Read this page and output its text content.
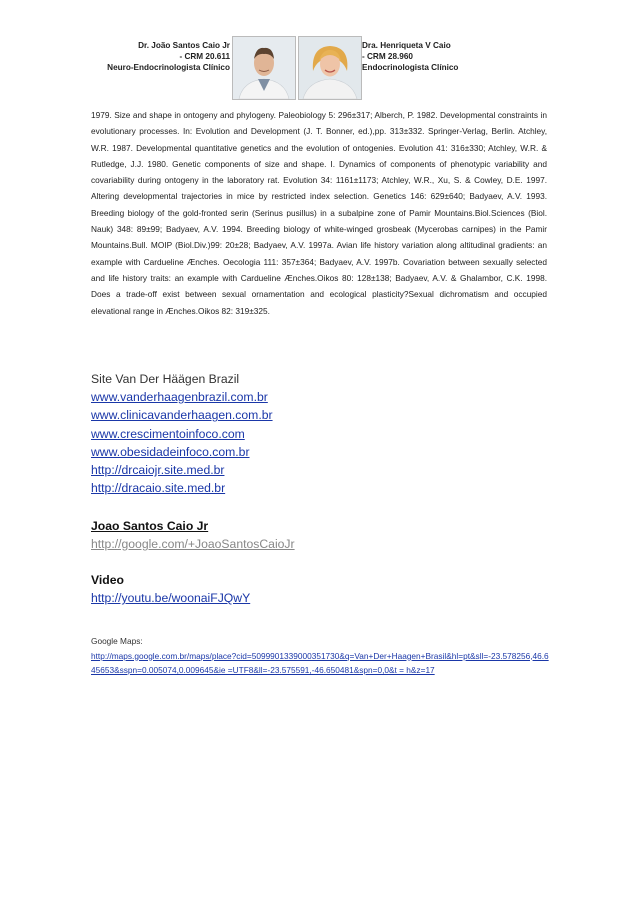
Dr. João Santos Caio Jr
- CRM 20.611
Neuro-Endocrinologista Clínico
Dra. Henriqueta V Caio
- CRM 28.960
Endocrinologista Clínico

1979. Size and shape in ontogeny and phylogeny. Paleobiology 5: 296±317; Alberch, P. 1982. Developmental constraints in evolutionary processes. In: Evolution and Development (J. T. Bonner, ed.),pp. 313±332. Springer-Verlag, Berlin. Atchley, W.R. 1987. Developmental quantitative genetics and the evolution of ontogenies. Evolution 41: 316±330; Atchley, W.R. & Rutledge, J.J. 1980. Genetic components of size and shape. I. Dynamics of components of phenotypic variability and covariability during ontogeny in the laboratory rat. Evolution 34: 1161±1173; Atchley, W.R., Xu, S. & Cowley, D.E. 1997. Altering developmental trajectories in mice by restricted index selection. Genetics 146: 629±640; Badyaev, A.V. 1993. Breeding biology of the gold-fronted serin (Serinus pusillus) in a subalpine zone of Pamir Mountains.Biol.Sciences (Biol. Nauk) 348: 89±99; Badyaev, A.V. 1994. Breeding biology of white-winged grosbeak (Mycerobas carnipes) in the Pamir Mountains.Bull. MOIP (Biol.Div.)99: 20±28; Badyaev, A.V. 1997a. Avian life history variation along altitudinal gradients: an example with Cardueline Ænches. Oecologia 111: 357±364; Badyaev, A.V. 1997b. Covariation between sexually selected and life history traits: an example with Cardueline Ænches.Oikos 80: 128±138; Badyaev, A.V. & Ghalambor, C.K. 1998. Does a trade-off exist between sexual ornamentation and ecological plasticity?Sexual dichromatism and occupied elevational range in Ænches.Oikos 82: 319±325.

Site Van Der Häägen Brazil
www.vanderhaagenbrazil.com.br
www.clinicavanderhaagen.com.br
www.crescimentoinfoco.com
www.obesidadeinfoco.com.br
http://drcaiojr.site.med.br
http://dracaio.site.med.br
Joao Santos Caio Jr
http://google.com/+JoaoSantosCaioJr
Video
http://youtu.be/woonaiFJQwY
Google Maps:
http://maps.google.com.br/maps/place?cid=5099901339000351730&q=Van+Der+Haagen+Brasil&hl=pt&sll=-23.578256,46.645653&sspn=0.005074,0.009645&ie =UTF8&ll=-23.575591,-46.650481&spn=0,0&t = h&z=17
